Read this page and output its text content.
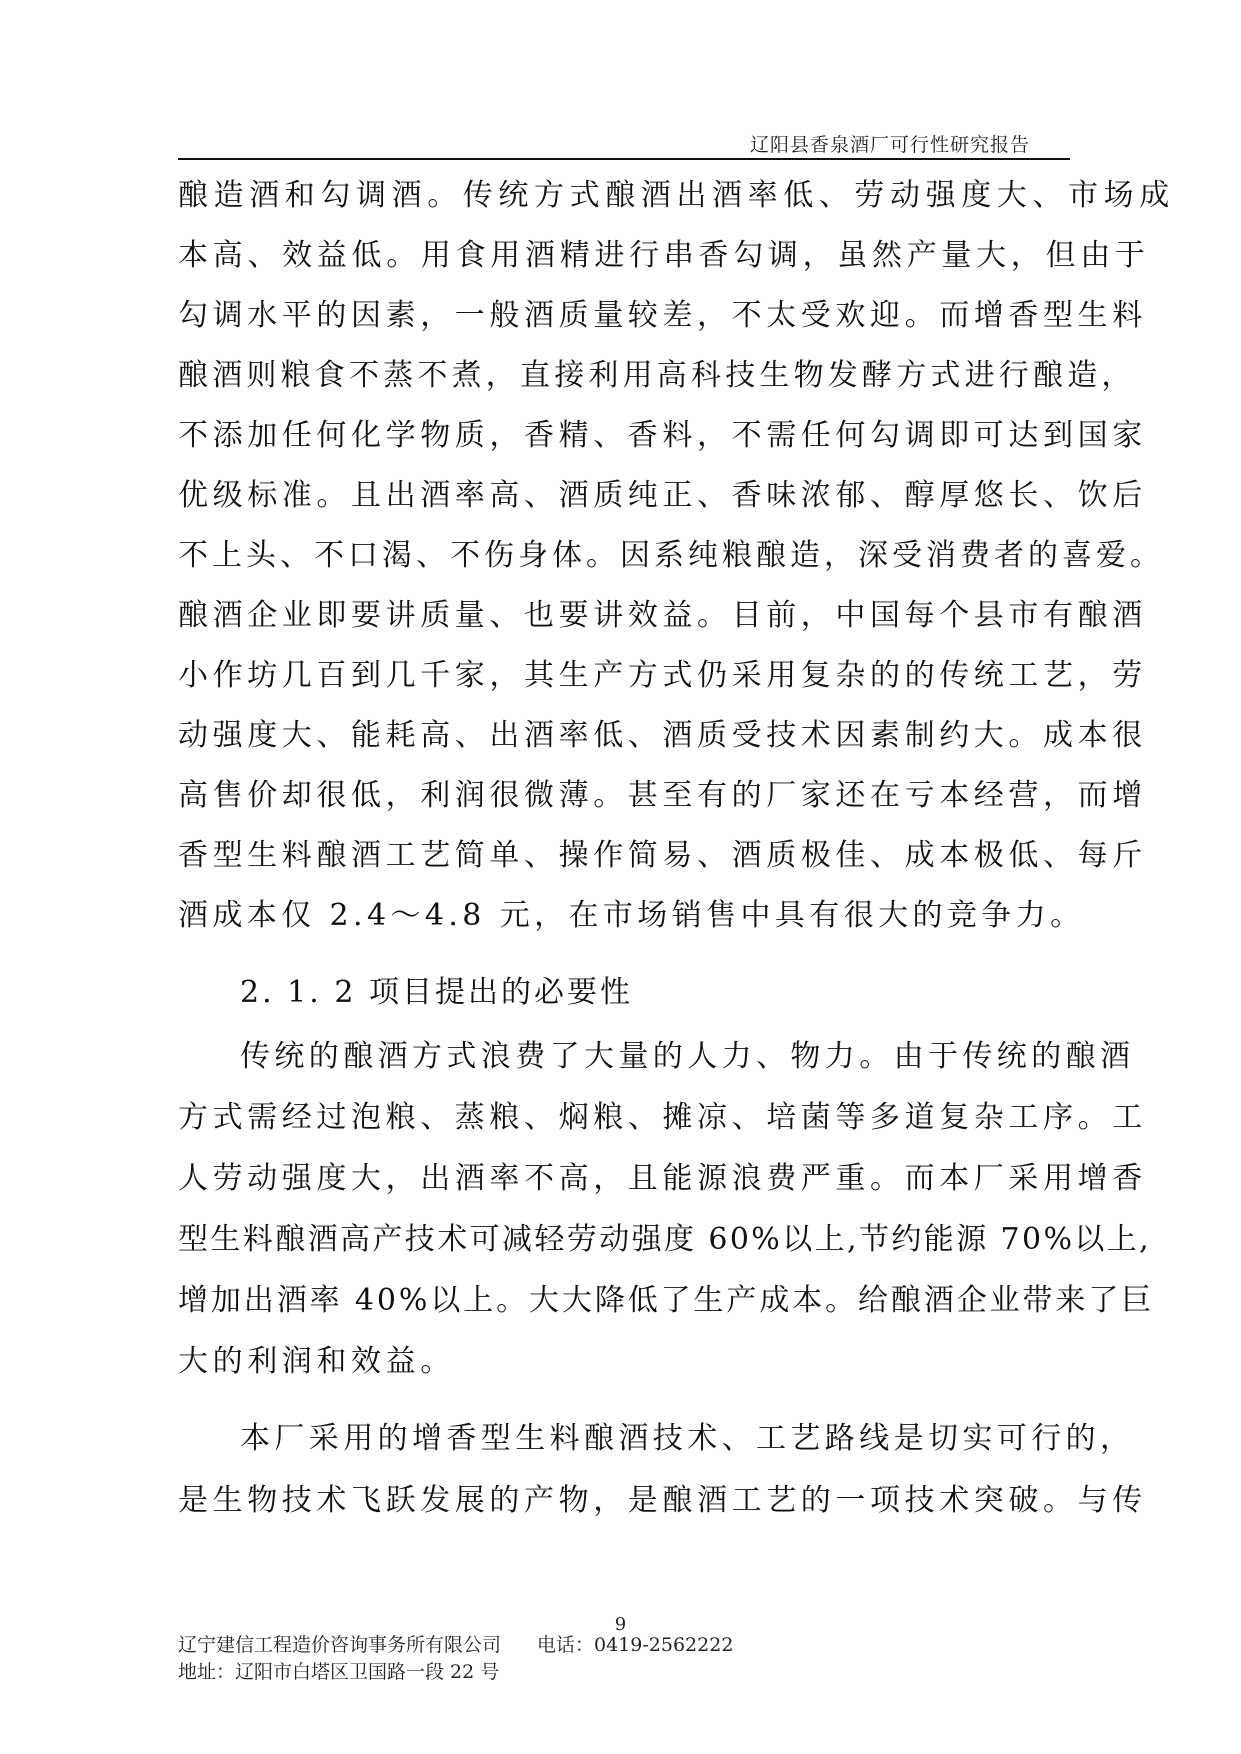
辽阳县香泉酒厂可行性研究报告
酿造酒和勾调酒。传统方式酿酒出酒率低、劳动强度大、市场成
本高、效益低。用食用酒精进行串香勾调，虽然产量大，但由于
勾调水平的因素，一般酒质量较差，不太受欢迎。而增香型生料
酿酒则粮食不蒸不煮，直接利用高科技生物发酵方式进行酿造，
不添加任何化学物质，香精、香料，不需任何勾调即可达到国家
优级标准。且出酒率高、酒质纯正、香味浓郁、醇厚悠长、饮后
不上头、不口渴、不伤身体。因系纯粮酿造，深受消费者的喜爱。
酿酒企业即要讲质量、也要讲效益。目前，中国每个县市有酿酒
小作坊几百到几千家，其生产方式仍采用复杂的的传统工艺，劳
动强度大、能耗高、出酒率低、酒质受技术因素制约大。成本很
高售价却很低，利润很微薄。甚至有的厂家还在亏本经营，而增
香型生料酿酒工艺简单、操作简易、酒质极佳、成本极低、每斤
酒成本仅 2.4～4.8 元，在市场销售中具有很大的竞争力。
2. 1. 2 项目提出的必要性
传统的酿酒方式浪费了大量的人力、物力。由于传统的酿酒
方式需经过泡粮、蒸粮、焖粮、摊凉、培菌等多道复杂工序。工
人劳动强度大，出酒率不高，且能源浪费严重。而本厂采用增香
型生料酿酒高产技术可减轻劳动强度 60%以上,节约能源 70%以上,
增加出酒率 40%以上。大大降低了生产成本。给酿酒企业带来了巨
大的利润和效益。
本厂采用的增香型生料酿酒技术、工艺路线是切实可行的，
是生物技术飞跃发展的产物，是酿酒工艺的一项技术突破。与传
9
辽宁建信工程造价咨询事务所有限公司 电话：0419-2562222
地址：辽阳市白塔区卫国路一段 22 号
